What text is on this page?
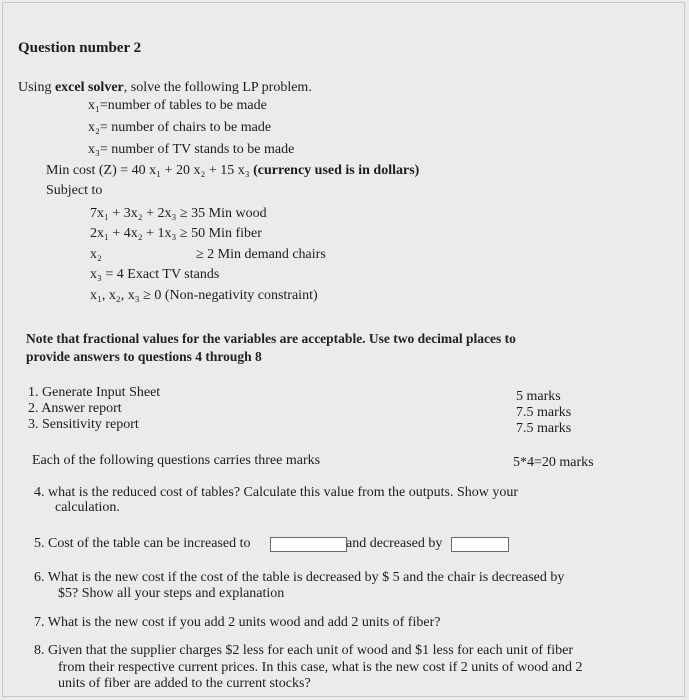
Question number 2
Using excel solver, solve the following LP problem.
x₁=number of tables to be made
x₂= number of chairs to be made
x₃= number of TV stands to be made
Min cost (Z) = 40 x₁ + 20 x₂ + 15 x₃ (currency used is in dollars)
Subject to
7x₁ + 3x₂ + 2x₃ ≥ 35 Min wood
2x₁ + 4x₂ + 1x₃ ≥ 50 Min fiber
x₂	≥ 2 Min demand chairs
x₃ = 4 Exact TV stands
x₁, x₂, x₃ ≥ 0 (Non-negativity constraint)
Note that fractional values for the variables are acceptable. Use two decimal places to
provide answers to questions 4 through 8
1. Generate Input Sheet	5 marks
2. Answer report	7.5 marks
3. Sensitivity report	7.5 marks
Each of the following questions carries three marks	5*4=20 marks
4. what is the reduced cost of tables? Calculate this value from the outputs. Show your
calculation.
5. Cost of the table can be increased to	and decreased by
6. What is the new cost if the cost of the table is decreased by $ 5 and the chair is decreased by
$5? Show all your steps and explanation
7. What is the new cost if you add 2 units wood and add 2 units of fiber?
8. Given that the supplier charges $2 less for each unit of wood and $1 less for each unit of fiber
from their respective current prices. In this case, what is the new cost if 2 units of wood and 2
units of fiber are added to the current stocks?
